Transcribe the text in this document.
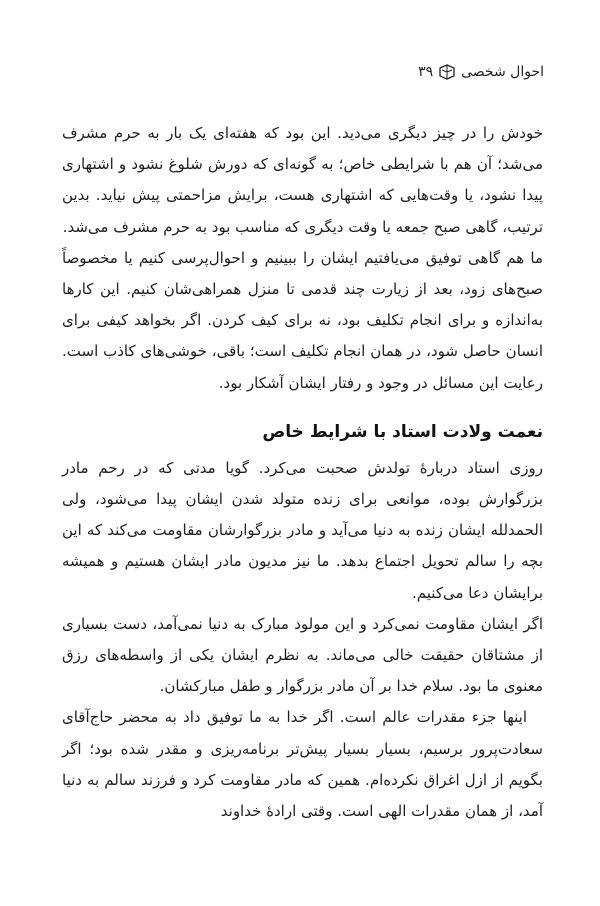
احوال شخصی
۳۹

خودش را در چیز دیگری می‌دید. این بود که هفته‌ای یک بار به حرم مشرف می‌شد؛ آن هم با شرایطی خاص؛ به گونه‌ای که دورش شلوغ نشود و اشتهاری پیدا نشود، یا وقت‌هایی که اشتهاری هست، برایش مزاحمتی پیش نیاید. بدین ترتیب، گاهی صبح جمعه یا وقت دیگری که مناسب بود به حرم مشرف می‌شد.

ما هم گاهی توفیق می‌یافتیم ایشان را ببینیم و احوال‌پرسی کنیم یا مخصوصاً صبح‌های زود، بعد از زیارت چند قدمی تا منزل همراهی‌شان کنیم. این کارها به‌اندازه و برای انجام تکلیف بود، نه برای کیف کردن. اگر بخواهد کیفی برای انسان حاصل شود، در همان انجام تکلیف است؛ باقی، خوشی‌های کاذب است. رعایت این مسائل در وجود و رفتار ایشان آشکار بود.

نعمت ولادت استاد با شرایط خاص

روزی استاد دربارهٔ تولدش صحبت می‌کرد. گویا مدتی که در رحم مادر بزرگوارش بوده، موانعی برای زنده متولد شدن ایشان پیدا می‌شود، ولی الحمدلله ایشان زنده به دنیا می‌آید و مادر بزرگوارشان مقاومت می‌کند که این بچه را سالم تحویل اجتماع بدهد. ما نیز مدیون مادر ایشان هستیم و همیشه برایشان دعا می‌کنیم.

اگر ایشان مقاومت نمی‌کرد و این مولود مبارک به دنیا نمی‌آمد، دست بسیاری از مشتاقان حقیقت خالی می‌ماند. به نظرم ایشان یکی از واسطه‌های رزق معنوی ما بود. سلام خدا بر آن مادر بزرگوار و طفل مبارکشان.

اینها جزء مقدرات عالم است. اگر خدا به ما توفیق داد به محضر حاج‌آقای سعادت‌پرور برسیم، بسیار بسیار پیش‌تر برنامه‌ریزی و مقدر شده بود؛ اگر بگویم از ازل اغراق نکرده‌ام. همین که مادر مقاومت کرد و فرزند سالم به دنیا آمد، از همان مقدرات الهی است. وقتی ارادهٔ خداوند
